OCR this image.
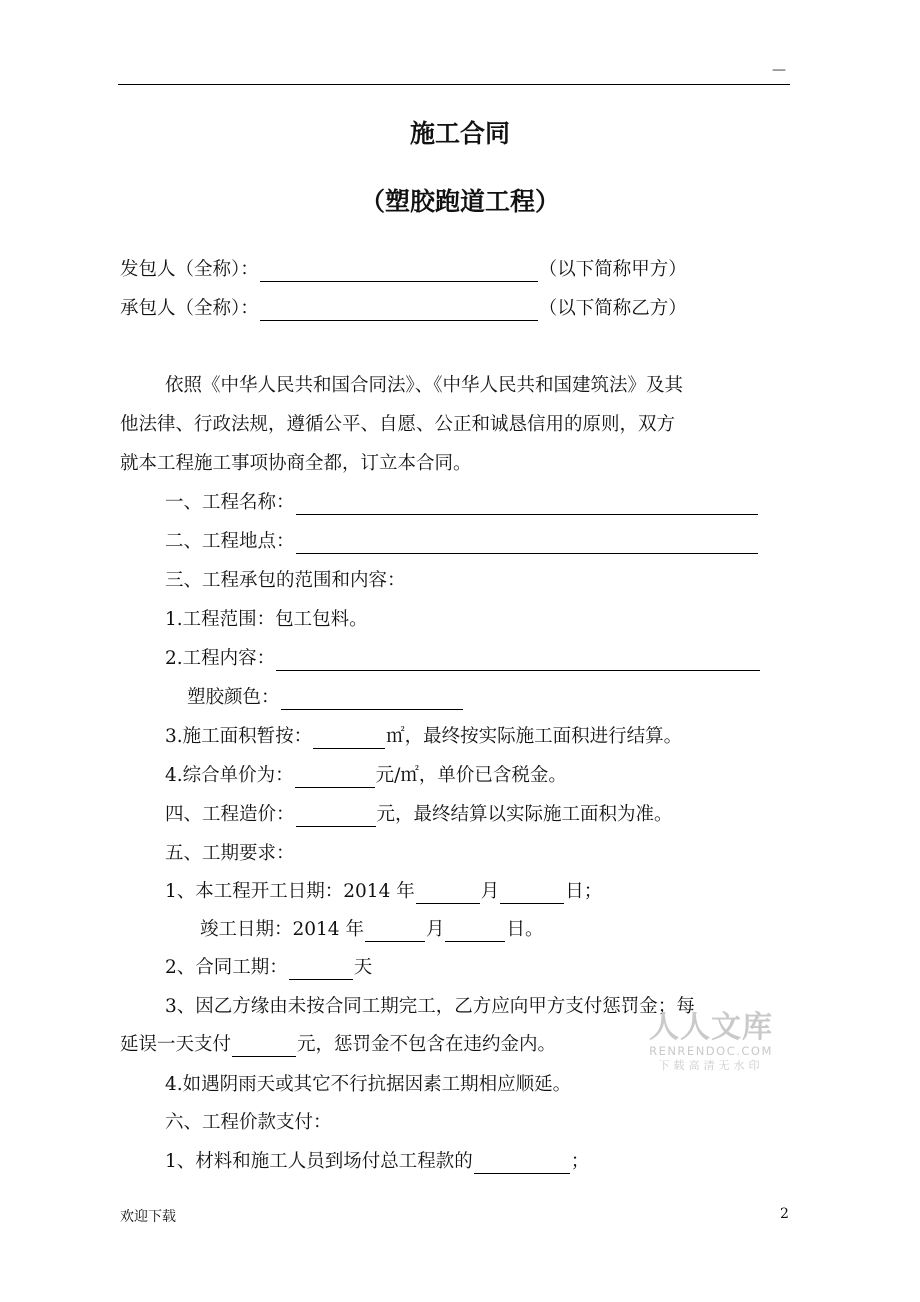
—
施工合同
（塑胶跑道工程）
发包人（全称）：	（以下简称甲方）
承包人（全称）：	（以下简称乙方）
依照《中华人民共和国合同法》、《中华人民共和国建筑法》及其
他法律、行政法规，遵循公平、自愿、公正和诚恳信用的原则，双方
就本工程施工事项协商全都，订立本合同。
一、工程名称：
二、工程地点：
三、工程承包的范围和内容：
1.工程范围：包工包料。
2.工程内容：
塑胶颜色：
3.施工面积暂按：	㎡，最终按实际施工面积进行结算。
4.综合单价为：	元/㎡，单价已含税金。
四、工程造价：	元，最终结算以实际施工面积为准。
五、工期要求：
1、本工程开工日期：2014 年	月	日；
竣工日期：2014 年	月	日。
2、合同工期：	天
3、因乙方缘由未按合同工期完工，乙方应向甲方支付惩罚金；每
延误一天支付	元，惩罚金不包含在违约金内。
4.如遇阴雨天或其它不行抗据因素工期相应顺延。
六、工程价款支付：
1、材料和施工人员到场付总工程款的	；
人人文库
RENRENDOC.COM
下载高清无水印
欢迎下载	2
